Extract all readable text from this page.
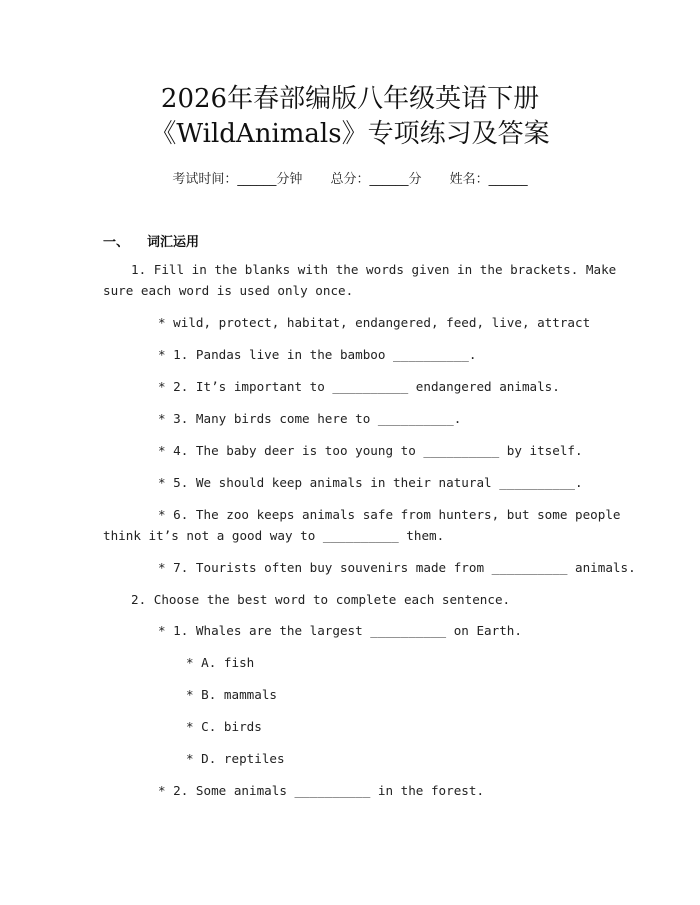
2026年春部编版八年级英语下册
《WildAnimals》专项练习及答案
考试时间：______分钟 总分：______分 姓名：______
一、 词汇运用
1. Fill in the blanks with the words given in the brackets. Make
sure each word is used only once.
* wild, protect, habitat, endangered, feed, live, attract
* 1. Pandas live in the bamboo __________.
* 2. It’s important to __________ endangered animals.
* 3. Many birds come here to __________.
* 4. The baby deer is too young to __________ by itself.
* 5. We should keep animals in their natural __________.
* 6. The zoo keeps animals safe from hunters, but some people
think it’s not a good way to __________ them.
* 7. Tourists often buy souvenirs made from __________ animals.
2. Choose the best word to complete each sentence.
* 1. Whales are the largest __________ on Earth.
* A. fish
* B. mammals
* C. birds
* D. reptiles
* 2. Some animals __________ in the forest.
